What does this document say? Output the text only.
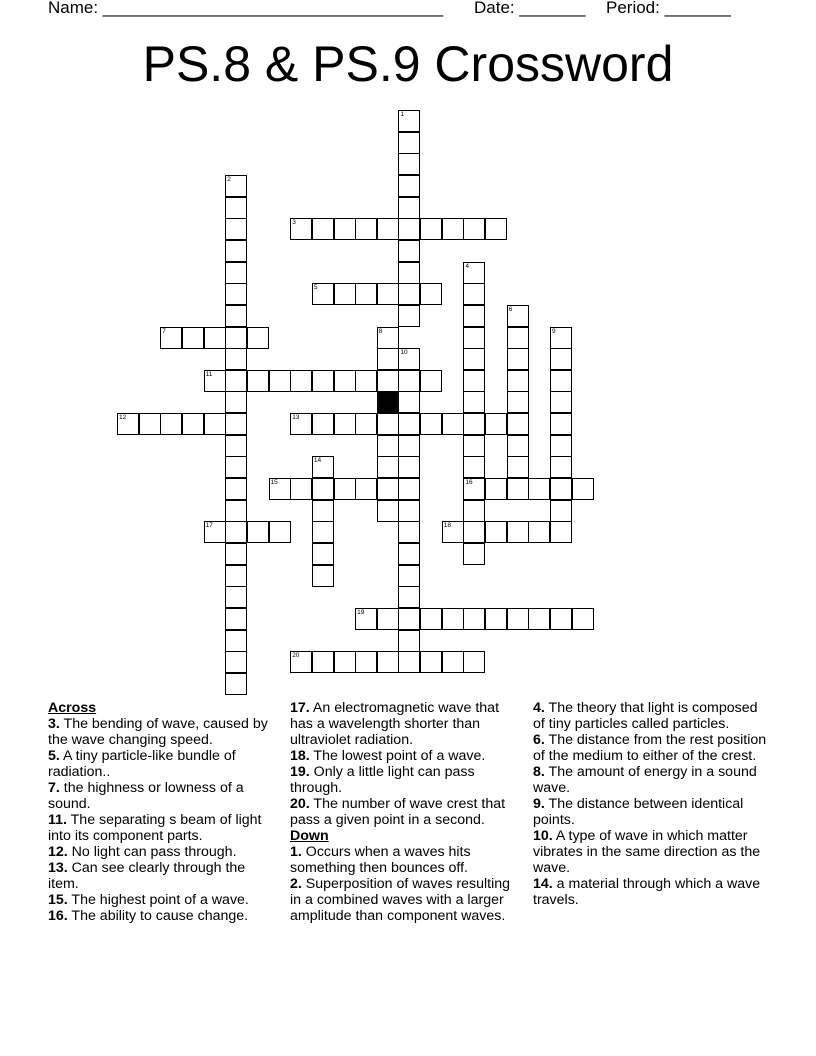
Name: ____________________________________ Date: _______ Period: _______
PS.8 & PS.9 Crossword
1
2
3
4
16
5
6
7	8	9
10
11
12	13
14
15
17	18
19
20
Across
3. The bending of wave, caused by the wave changing speed.
5. A tiny particle-like bundle of radiation..
7. the highness or lowness of a sound.
11. The separating s beam of light into its component parts.
12. No light can pass through.
13. Can see clearly through the item.
15. The highest point of a wave.
16. The ability to cause change.
17. An electromagnetic wave that has a wavelength shorter than ultraviolet radiation.
18. The lowest point of a wave.
19. Only a little light can pass through.
20. The number of wave crest that pass a given point in a second.
Down
1. Occurs when a waves hits something then bounces off.
2. Superposition of waves resulting in a combined waves with a larger amplitude than component waves.
4. The theory that light is composed of tiny particles called particles.
6. The distance from the rest position of the medium to either of the crest.
8. The amount of energy in a sound wave.
9. The distance between identical points.
10. A type of wave in which matter vibrates in the same direction as the wave.
14. a material through which a wave travels.
